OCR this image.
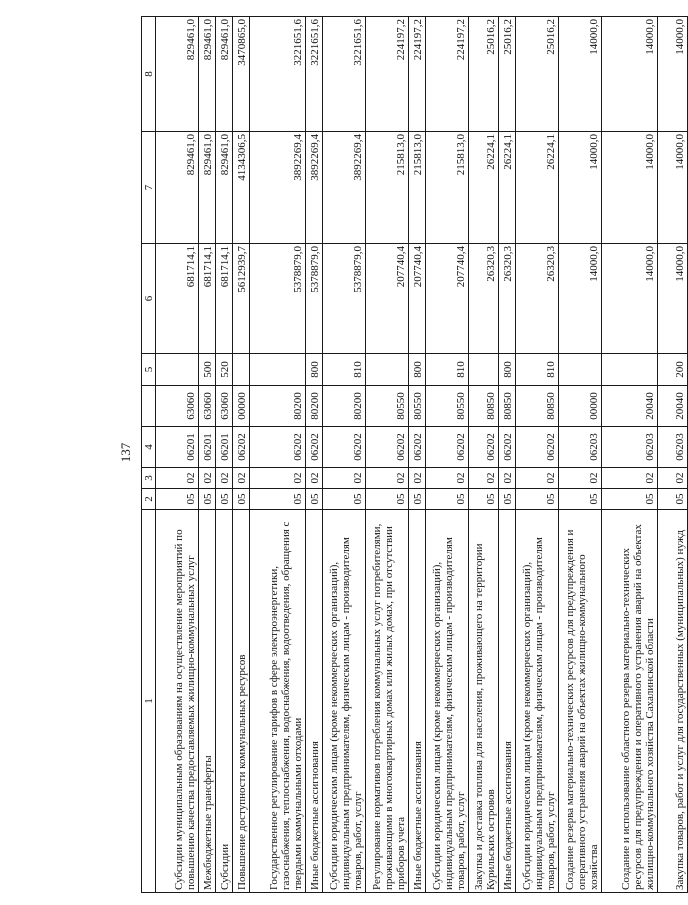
137
1	2	3	4		5	6	7	8
Субсидии муниципальным образованиям на осуществление мероприятий по повышению качества предоставляемых жилищно-коммунальных услуг	05	02	06201	63060		681714,1	829461,0	829461,0
Межбюджетные трансферты	05	02	06201	63060	500	681714,1	829461,0	829461,0
Субсидии	05	02	06201	63060	520	681714,1	829461,0	829461,0
Повышение доступности коммунальных ресурсов	05	02	06202	00000		5612939,7	4134306,5	3470865,0
Государственное регулирование тарифов в сфере электроэнергетики, газоснабжения, теплоснабжения, водоснабжения, водоотведения, обращения с твердыми коммунальными отходами	05	02	06202	80200		5378879,0	3892269,4	3221651,6
Иные бюджетные ассигнования	05	02	06202	80200	800	5378879,0	3892269,4	3221651,6
Субсидии юридическим лицам (кроме некоммерческих организаций), индивидуальным предпринимателям, физическим лицам - производителям товаров, работ, услуг	05	02	06202	80200	810	5378879,0	3892269,4	3221651,6
Регулирование нормативов потребления коммунальных услуг потребителями, проживающими в многоквартирных домах или жилых домах, при отсутствии приборов учета	05	02	06202	80550		207740,4	215813,0	224197,2
Иные бюджетные ассигнования	05	02	06202	80550	800	207740,4	215813,0	224197,2
Субсидии юридическим лицам (кроме некоммерческих организаций), индивидуальным предпринимателям, физическим лицам - производителям товаров, работ, услуг	05	02	06202	80550	810	207740,4	215813,0	224197,2
Закупка и доставка топлива для населения, проживающего на территории Курильских островов	05	02	06202	80850		26320,3	26224,1	25016,2
Иные бюджетные ассигнования	05	02	06202	80850	800	26320,3	26224,1	25016,2
Субсидии юридическим лицам (кроме некоммерческих организаций), индивидуальным предпринимателям, физическим лицам - производителям товаров, работ, услуг	05	02	06202	80850	810	26320,3	26224,1	25016,2
Создание резерва материально-технических ресурсов для предупреждения и оперативного устранения аварий на объектах жилищно-коммунального хозяйства	05	02	06203	00000		14000,0	14000,0	14000,0
Создание и использование областного резерва материально-технических ресурсов для предупреждения и оперативного устранения аварий на объектах жилищно-коммунального хозяйства Сахалинской области	05	02	06203	20040		14000,0	14000,0	14000,0
Закупка товаров, работ и услуг для государственных (муниципальных) нужд	05	02	06203	20040	200	14000,0	14000,0	14000,0
